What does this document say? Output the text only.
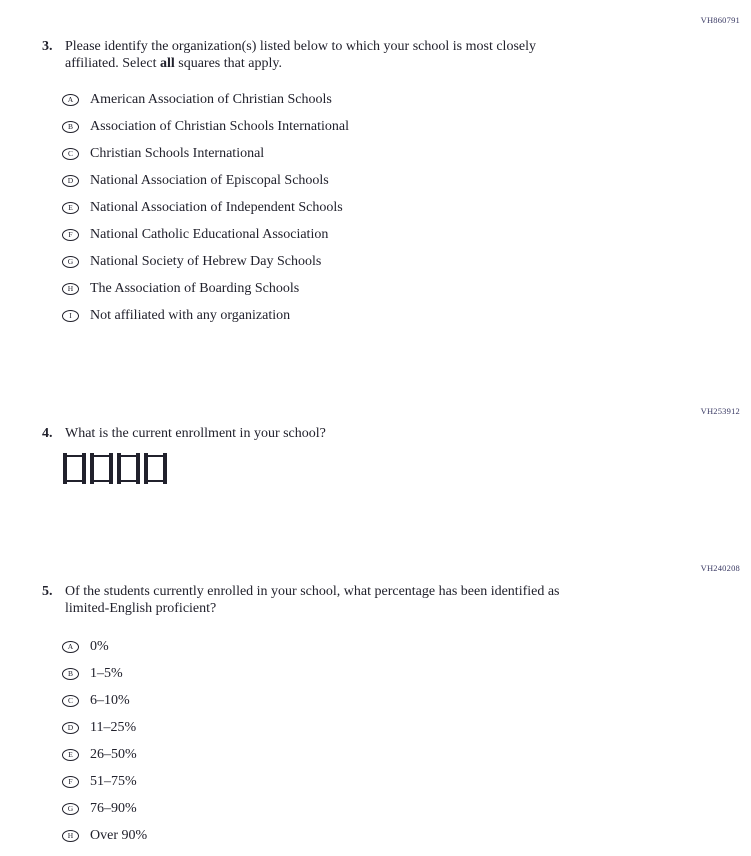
VH860791
VH253912
VH240208
3. Please identify the organization(s) listed below to which your school is most closely affiliated. Select all squares that apply.
A American Association of Christian Schools
B Association of Christian Schools International
C Christian Schools International
D National Association of Episcopal Schools
E National Association of Independent Schools
F National Catholic Educational Association
G National Society of Hebrew Day Schools
H The Association of Boarding Schools
I Not affiliated with any organization
4. What is the current enrollment in your school?
5. Of the students currently enrolled in your school, what percentage has been identified as limited-English proficient?
A 0%
B 1–5%
C 6–10%
D 11–25%
E 26–50%
F 51–75%
G 76–90%
H Over 90%
